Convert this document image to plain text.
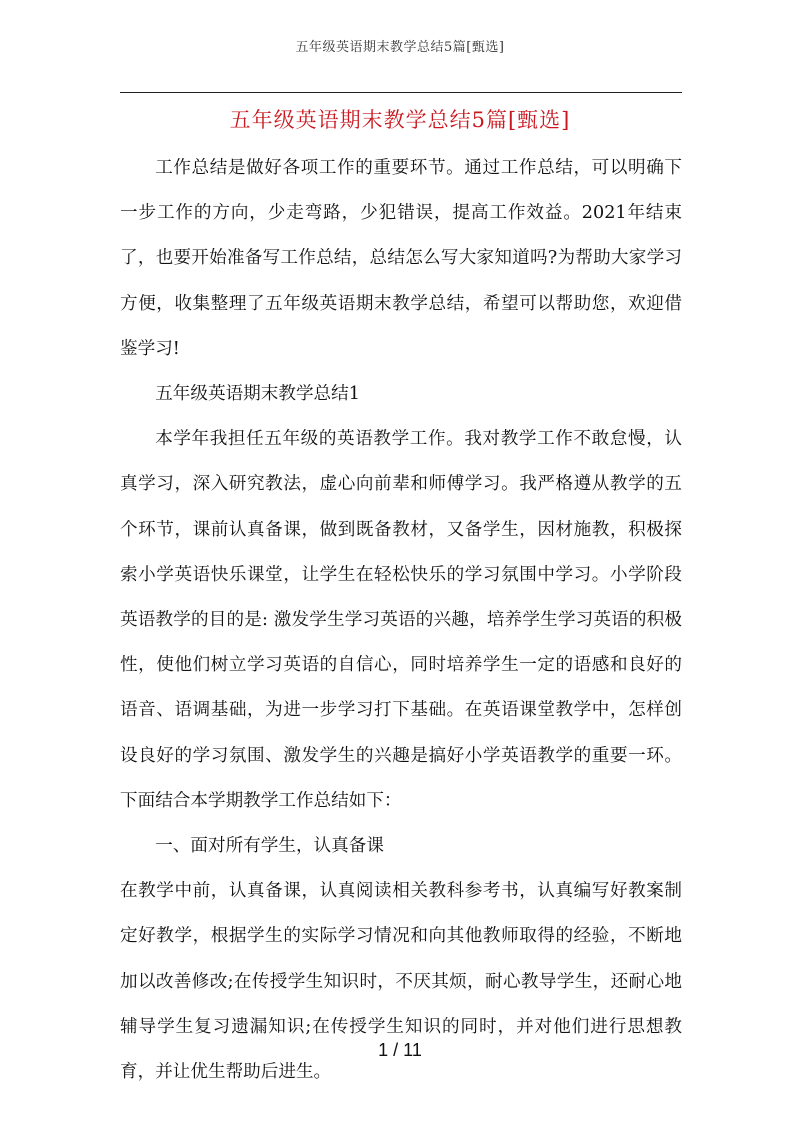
五年级英语期末教学总结5篇[甄选]
五年级英语期末教学总结5篇[甄选]

工作总结是做好各项工作的重要环节。通过工作总结，可以明确下一步工作的方向，少走弯路，少犯错误，提高工作效益。2021年结束了，也要开始准备写工作总结，总结怎么写大家知道吗?为帮助大家学习方便，收集整理了五年级英语期末教学总结，希望可以帮助您，欢迎借鉴学习!

五年级英语期末教学总结1

本学年我担任五年级的英语教学工作。我对教学工作不敢怠慢，认真学习，深入研究教法，虚心向前辈和师傅学习。我严格遵从教学的五个环节，课前认真备课，做到既备教材，又备学生，因材施教，积极探索小学英语快乐课堂，让学生在轻松快乐的学习氛围中学习。小学阶段英语教学的目的是: 激发学生学习英语的兴趣，培养学生学习英语的积极性，使他们树立学习英语的自信心，同时培养学生一定的语感和良好的语音、语调基础，为进一步学习打下基础。在英语课堂教学中，怎样创设良好的学习氛围、激发学生的兴趣是搞好小学英语教学的重要一环。下面结合本学期教学工作总结如下：

一、面对所有学生，认真备课

在教学中前，认真备课，认真阅读相关教科参考书，认真编写好教案制定好教学，根据学生的实际学习情况和向其他教师取得的经验，不断地加以改善修改;在传授学生知识时，不厌其烦，耐心教导学生，还耐心地辅导学生复习遗漏知识;在传授学生知识的同时，并对他们进行思想教育，并让优生帮助后进生。

1 / 11
